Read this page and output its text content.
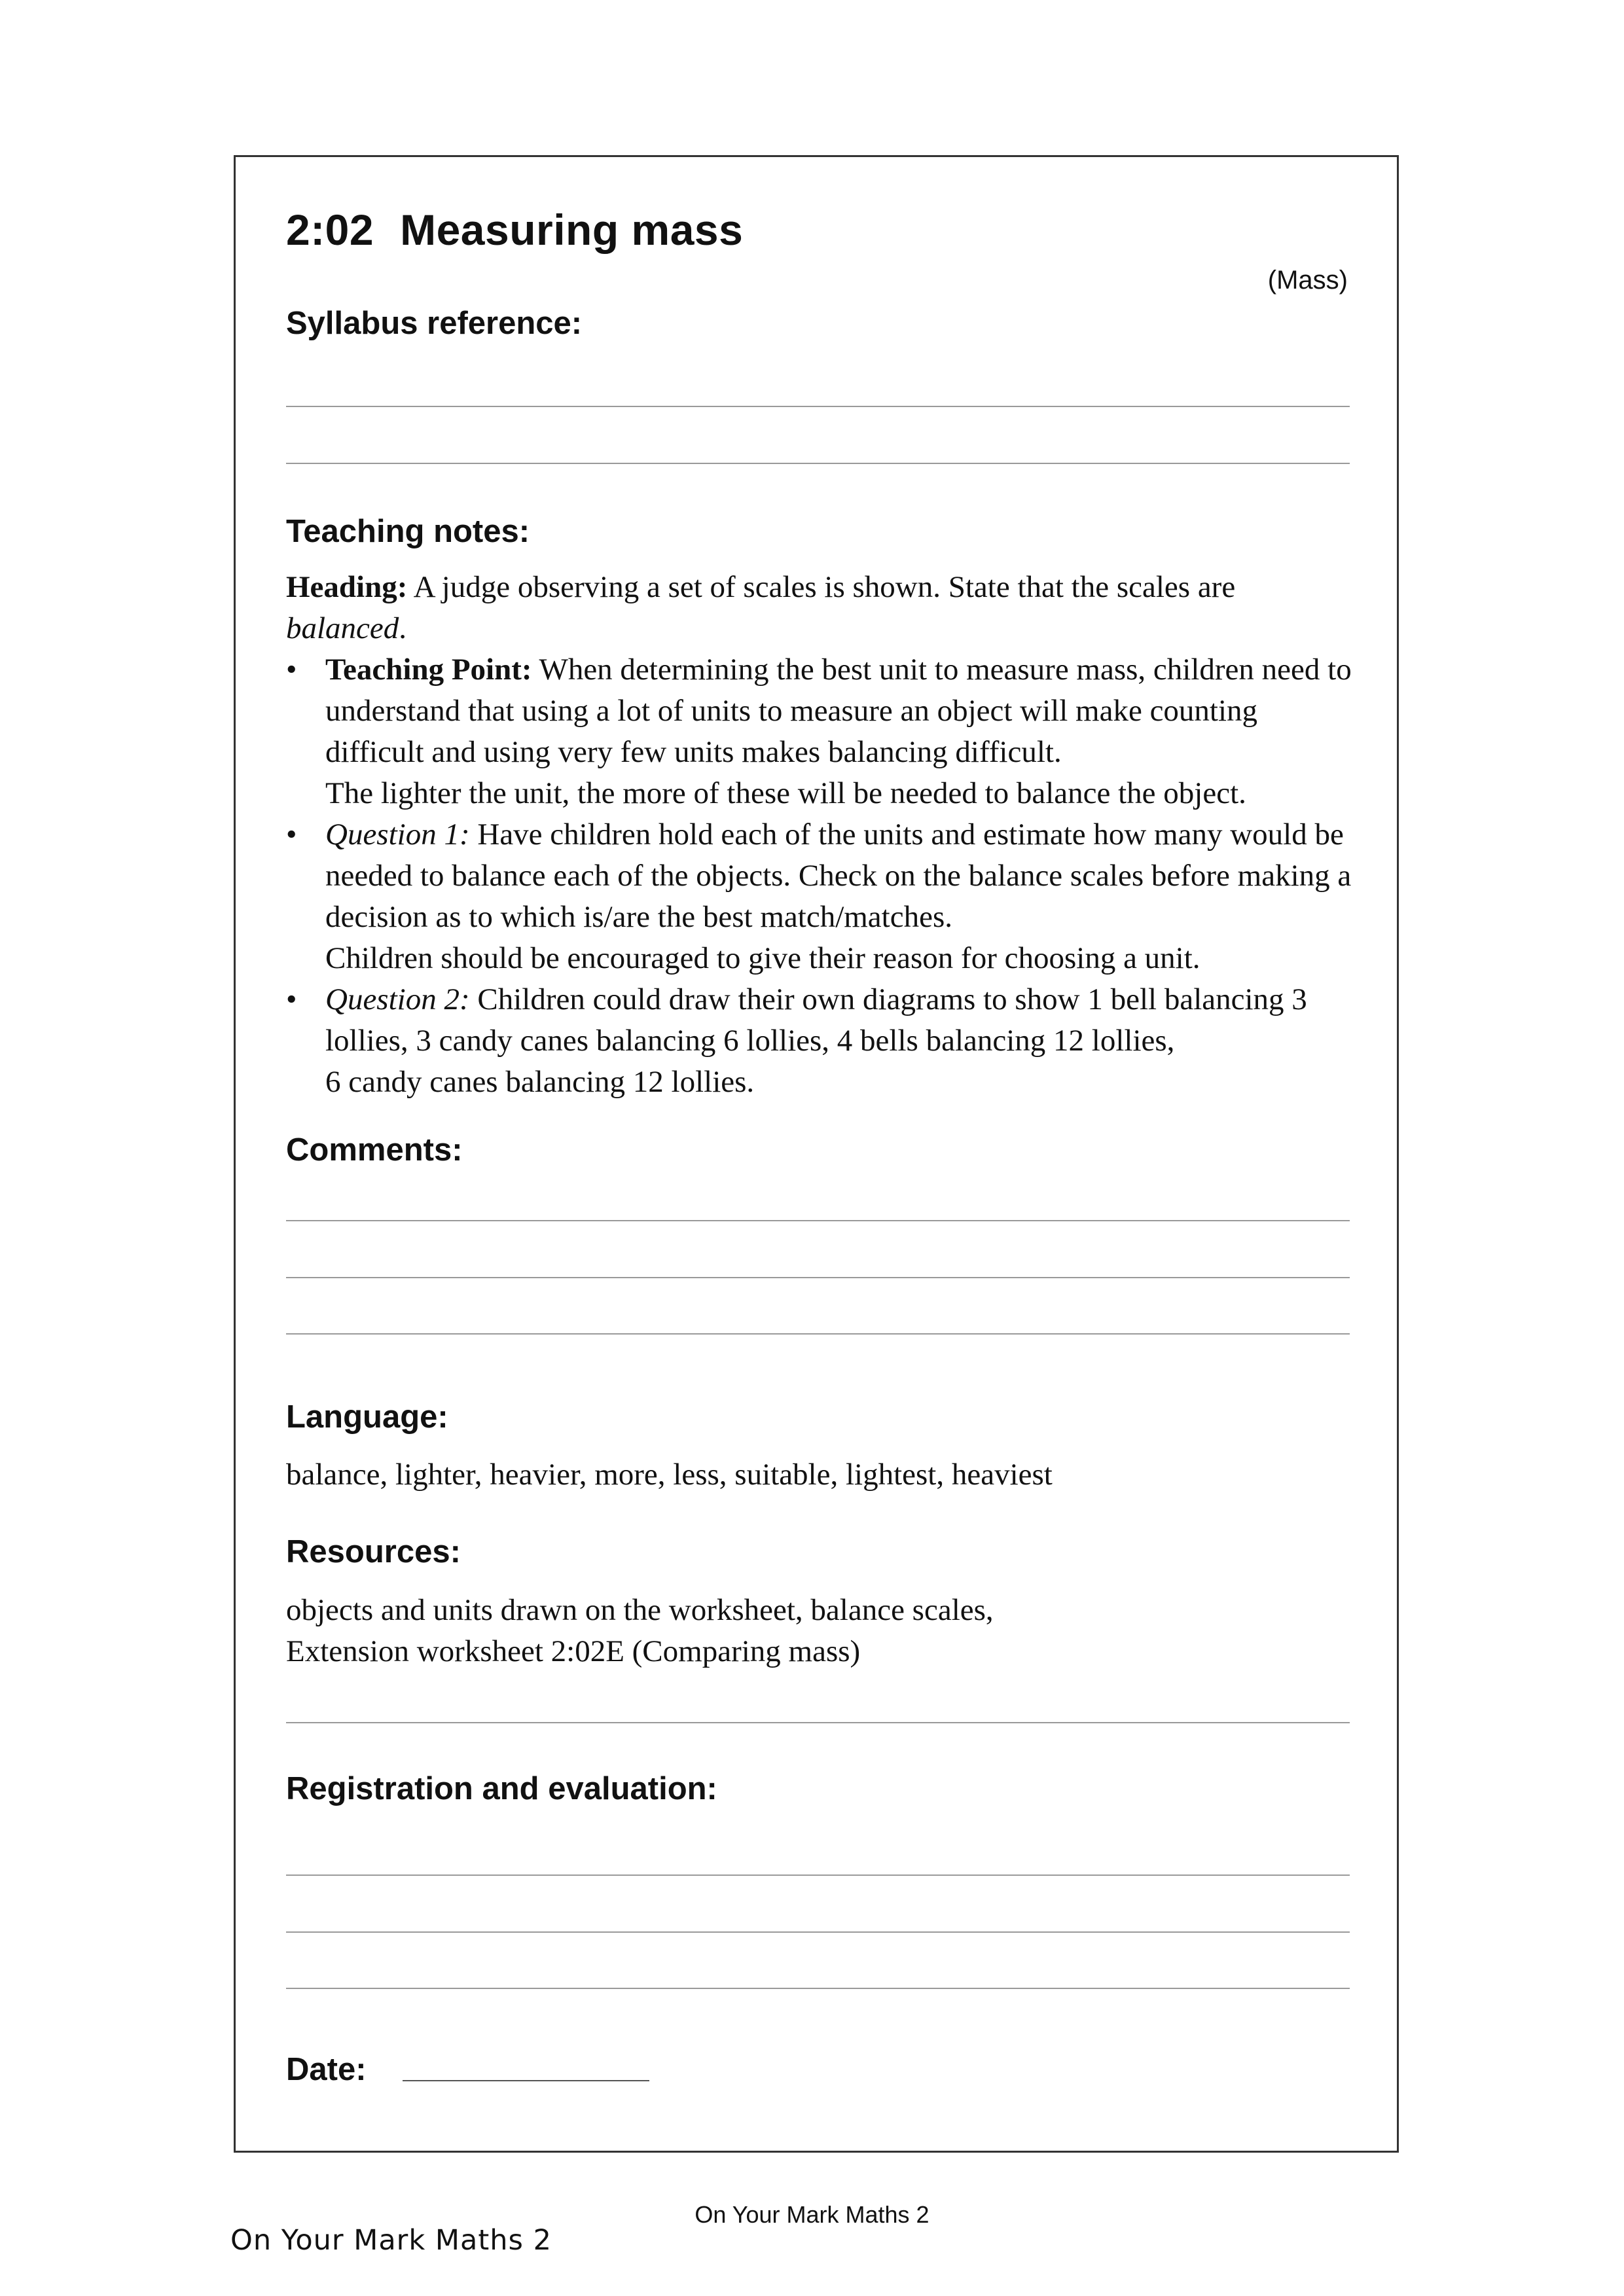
2:02 Measuring mass
(Mass)
Syllabus reference:
Teaching notes:

Heading: A judge observing a set of scales is shown. State that the scales are balanced.

• Teaching Point: When determining the best unit to measure mass, children need to understand that using a lot of units to measure an object will make counting difficult and using very few units makes balancing difficult.
The lighter the unit, the more of these will be needed to balance the object.
• Question 1: Have children hold each of the units and estimate how many would be needed to balance each of the objects. Check on the balance scales before making a decision as to which is/are the best match/matches.
Children should be encouraged to give their reason for choosing a unit.
• Question 2: Children could draw their own diagrams to show 1 bell balancing 3 lollies, 3 candy canes balancing 6 lollies, 4 bells balancing 12 lollies,
6 candy canes balancing 12 lollies.
Comments:
Language:
balance, lighter, heavier, more, less, suitable, lightest, heaviest
Resources:
objects and units drawn on the worksheet, balance scales,
Extension worksheet 2:02E (Comparing mass)
Registration and evaluation:
Date:
On Your Mark Maths 2
On Your Mark Maths 2
